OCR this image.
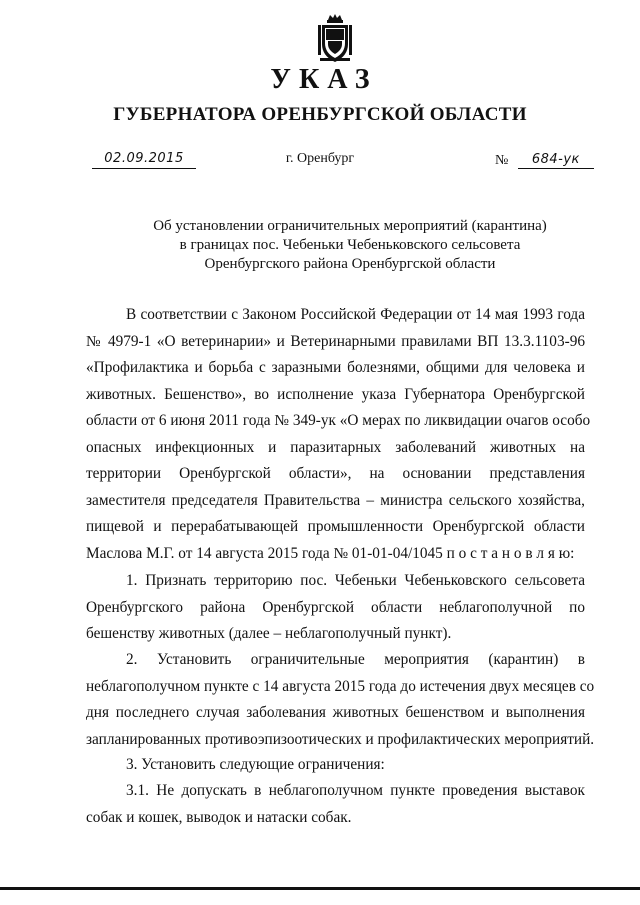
УКАЗ
ГУБЕРНАТОРА ОРЕНБУРГСКОЙ ОБЛАСТИ
02.09.2015	г. Оренбург	№ 684-ук
Об установлении ограничительных мероприятий (карантина)
в границах пос. Чебеньки Чебеньковского сельсовета
Оренбургского района Оренбургской области
В соответствии с Законом Российской Федерации от 14 мая 1993 года
№ 4979-1 «О ветеринарии» и Ветеринарными правилами ВП 13.3.1103-96
«Профилактика и борьба с заразными болезнями, общими для человека и
животных. Бешенство», во исполнение указа Губернатора Оренбургской
области от 6 июня 2011 года № 349-ук «О мерах по ликвидации очагов особо
опасных инфекционных и паразитарных заболеваний животных на
территории Оренбургской области», на основании представления
заместителя председателя Правительства – министра сельского хозяйства,
пищевой и перерабатывающей промышленности Оренбургской области
Маслова М.Г. от 14 августа 2015 года № 01-01-04/1045 п о с т а н о в л я ю:
1. Признать территорию пос. Чебеньки Чебеньковского сельсовета
Оренбургского района Оренбургской области неблагополучной по
бешенству животных (далее – неблагополучный пункт).
2. Установить ограничительные мероприятия (карантин) в
неблагополучном пункте с 14 августа 2015 года до истечения двух месяцев со
дня последнего случая заболевания животных бешенством и выполнения
запланированных противоэпизоотических и профилактических мероприятий.
3. Установить следующие ограничения:
3.1. Не допускать в неблагополучном пункте проведения выставок
собак и кошек, выводок и натаски собак.
